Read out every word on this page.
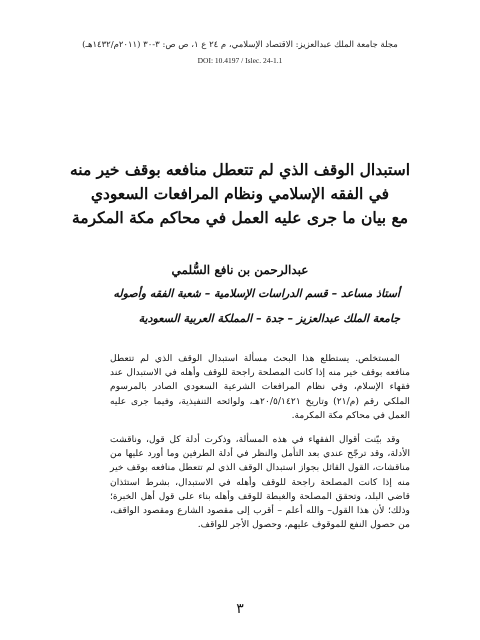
مجلة جامعة الملك عبدالعزيز: الاقتصاد الإسلامي، م ٢٤ ع ١، ص ص: ٣-٣٠ (٢٠١١م/١٤٣٢هـ)
DOI: 10.4197 / Islec. 24-1.1
استبدال الوقف الذي لم تتعطل منافعه بوقف خير منه
في الفقه الإسلامي ونظام المرافعات السعودي
مع بيان ما جرى عليه العمل في محاكم مكة المكرمة
عبدالرحمن بن نافع السُّلمي
أستاذ مساعد – قسم الدراسات الإسلامية – شعبة الفقه وأصوله
جامعة الملك عبدالعزيز – جدة – المملكة العربية السعودية

المستخلص. يستطلع هذا البحث مسألة استبدال الوقف الذي لم تتعطل منافعه بوقف خير منه إذا كانت المصلحة راجحة للوقف وأهله في الاستبدال عند فقهاء الإسلام، وفي نظام المرافعات الشرعية السعودي الصادر بالمرسوم الملكي رقم (م/٢١) وتاريخ ٢٠/٥/١٤٢١هـ، ولوائحه التنفيذية، وفيما جرى عليه العمل في محاكم مكة المكرمة.

وقد بيّنت أقوال الفقهاء في هذه المسألة، وذكرت أدلة كل قول، وناقشت الأدلة، وقد ترجّح عندي بعد التأمل والنظر في أدلة الطرفين وما أورد عليها من مناقشات، القول القائل بجواز استبدال الوقف الذي لم تتعطل منافعه بوقف خير منه إذا كانت المصلحة راجحة للوقف وأهله في الاستبدال، بشرط استئذان قاضي البلد، وتحقق المصلحة والغبطة للوقف وأهله بناء على قول أهل الخبرة؛ وذلك؛ لأن هذا القول– والله أعلم – أقرب إلى مقصود الشارع ومقصود الواقف، من حصول النفع للموقوف عليهم، وحصول الأجر للواقف.

٣
